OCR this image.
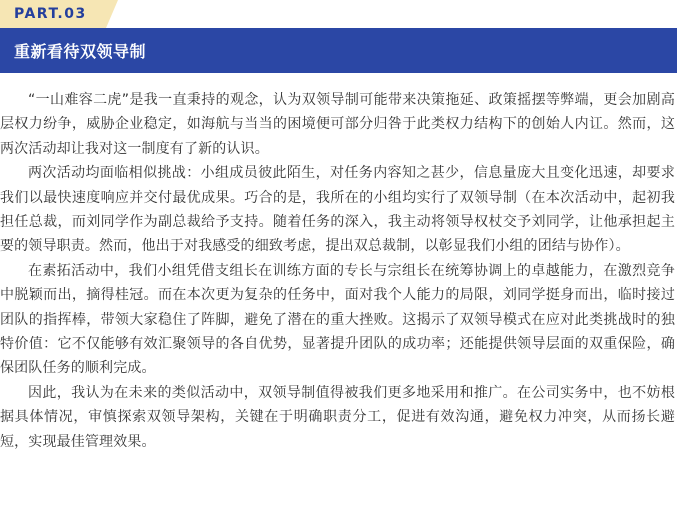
PART.03
重新看待双领导制

“一山难容二虎”是我一直秉持的观念，认为双领导制可能带来决策拖延、政策摇摆等弊端，更会加剧高层权力纷争，威胁企业稳定，如海航与当当的困境便可部分归咎于此类权力结构下的创始人内讧。然而，这两次活动却让我对这一制度有了新的认识。

两次活动均面临相似挑战：小组成员彼此陌生，对任务内容知之甚少，信息量庞大且变化迅速，却要求我们以最快速度响应并交付最优成果。巧合的是，我所在的小组均实行了双领导制（在本次活动中，起初我担任总裁，而刘同学作为副总裁给予支持。随着任务的深入，我主动将领导权杖交予刘同学，让他承担起主要的领导职责。然而，他出于对我感受的细致考虑，提出双总裁制，以彰显我们小组的团结与协作）。

在素拓活动中，我们小组凭借支组长在训练方面的专长与宗组长在统筹协调上的卓越能力，在激烈竞争中脱颖而出，摘得桂冠。而在本次更为复杂的任务中，面对我个人能力的局限，刘同学挺身而出，临时接过团队的指挥棒，带领大家稳住了阵脚，避免了潜在的重大挫败。这揭示了双领导模式在应对此类挑战时的独特价值：它不仅能够有效汇聚领导的各自优势，显著提升团队的成功率；还能提供领导层面的双重保险，确保团队任务的顺利完成。

因此，我认为在未来的类似活动中，双领导制值得被我们更多地采用和推广。在公司实务中，也不妨根据具体情况，审慎探索双领导架构，关键在于明确职责分工，促进有效沟通，避免权力冲突，从而扬长避短，实现最佳管理效果。
